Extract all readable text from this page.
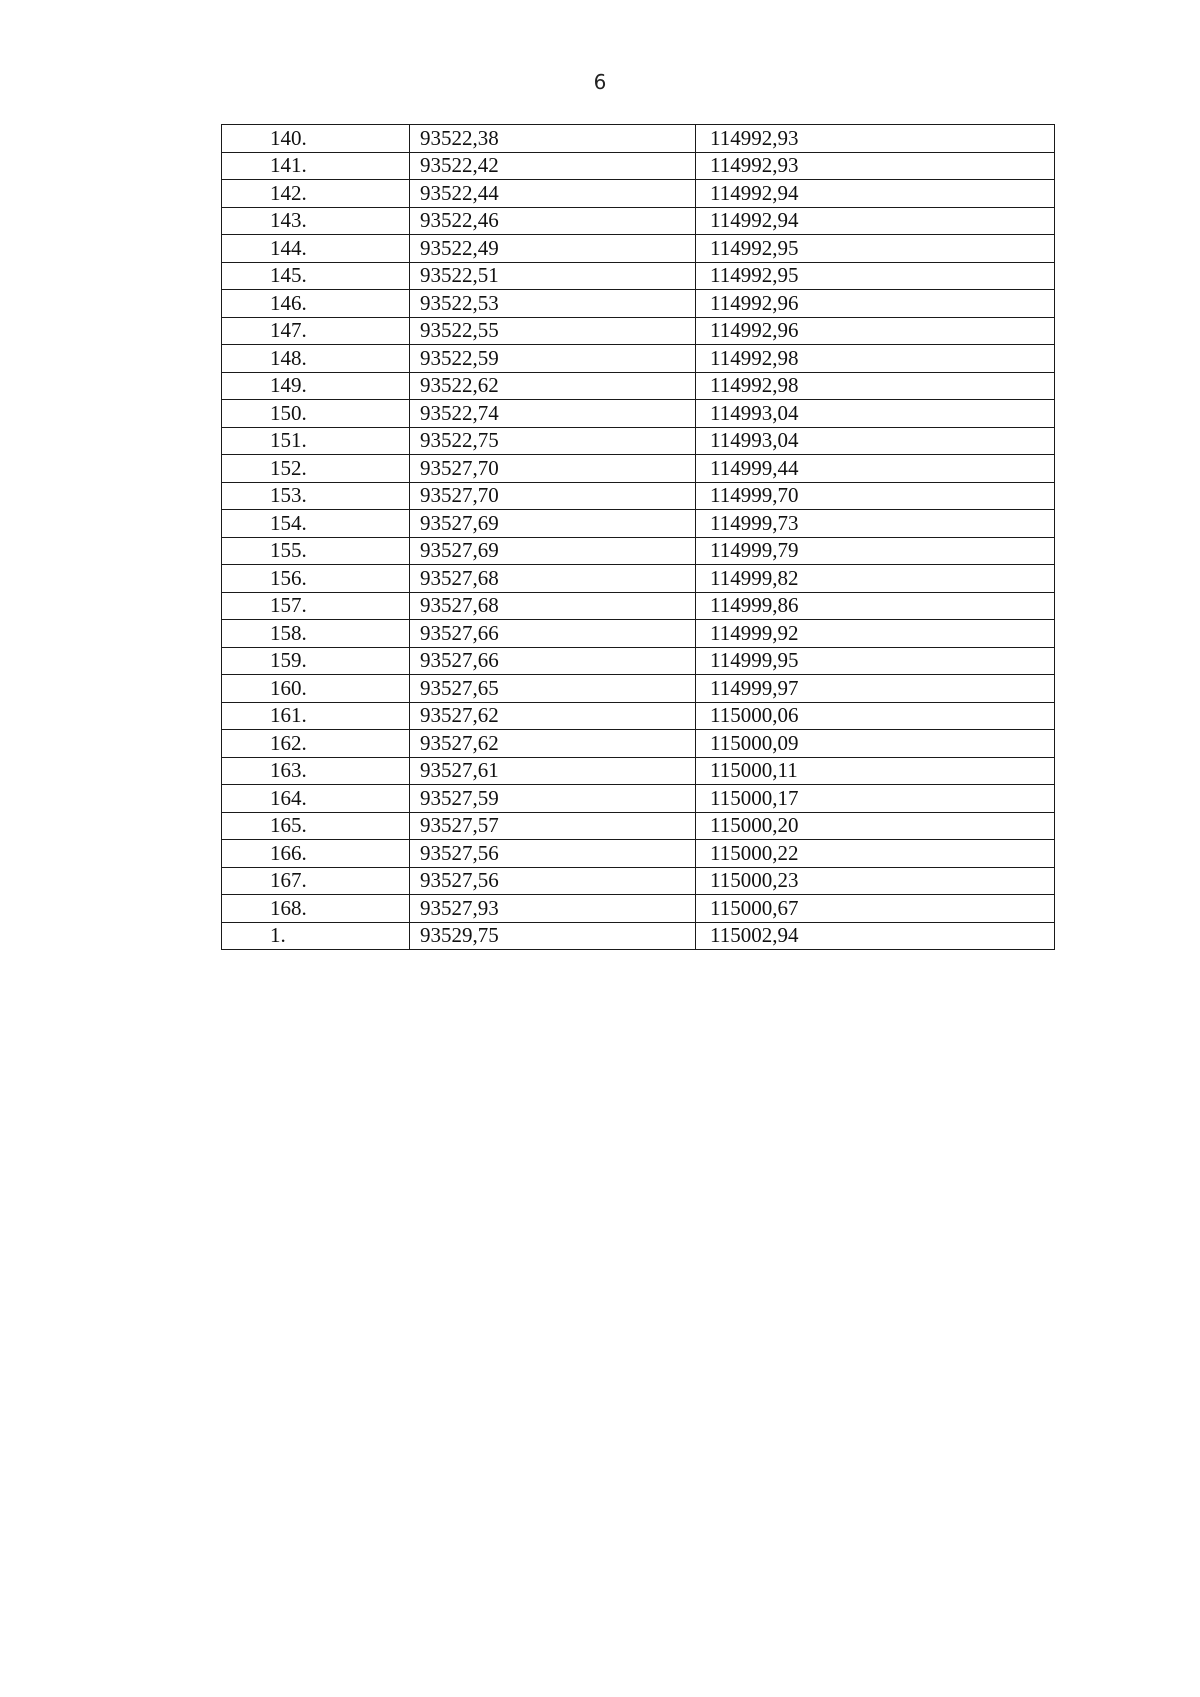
6
140.	93522,38	114992,93
141.	93522,42	114992,93
142.	93522,44	114992,94
143.	93522,46	114992,94
144.	93522,49	114992,95
145.	93522,51	114992,95
146.	93522,53	114992,96
147.	93522,55	114992,96
148.	93522,59	114992,98
149.	93522,62	114992,98
150.	93522,74	114993,04
151.	93522,75	114993,04
152.	93527,70	114999,44
153.	93527,70	114999,70
154.	93527,69	114999,73
155.	93527,69	114999,79
156.	93527,68	114999,82
157.	93527,68	114999,86
158.	93527,66	114999,92
159.	93527,66	114999,95
160.	93527,65	114999,97
161.	93527,62	115000,06
162.	93527,62	115000,09
163.	93527,61	115000,11
164.	93527,59	115000,17
165.	93527,57	115000,20
166.	93527,56	115000,22
167.	93527,56	115000,23
168.	93527,93	115000,67
1.	93529,75	115002,94
